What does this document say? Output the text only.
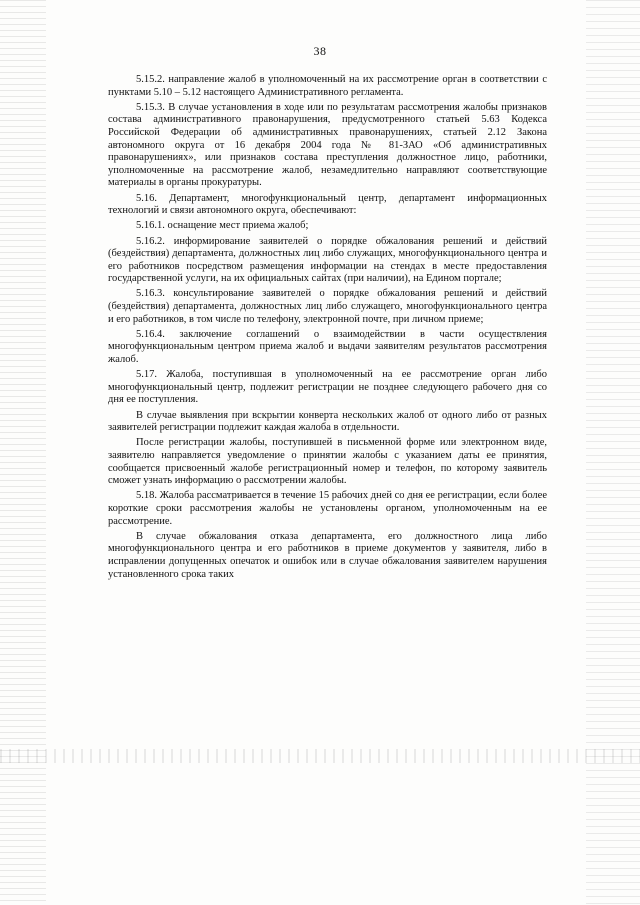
38

5.15.2. направление жалоб в уполномоченный на их рассмотрение орган в соответствии с пунктами 5.10 – 5.12 настоящего Административного регламента.

5.15.3. В случае установления в ходе или по результатам рассмотрения жалобы признаков состава административного правонарушения, предусмотренного статьей 5.63 Кодекса Российской Федерации об административных правонарушениях, статьей 2.12 Закона автономного округа от 16 декабря 2004 года № 81-ЗАО «Об административных правонарушениях», или признаков состава преступления должностное лицо, работники, уполномоченные на рассмотрение жалоб, незамедлительно направляют соответствующие материалы в органы прокуратуры.

5.16. Департамент, многофункциональный центр, департамент информационных технологий и связи автономного округа, обеспечивают:

5.16.1. оснащение мест приема жалоб;

5.16.2. информирование заявителей о порядке обжалования решений и действий (бездействия) департамента, должностных лиц либо служащих, многофункционального центра и его работников посредством размещения информации на стендах в месте предоставления государственной услуги, на их официальных сайтах (при наличии), на Едином портале;

5.16.3. консультирование заявителей о порядке обжалования решений и действий (бездействия) департамента, должностных лиц либо служащего, многофункционального центра и его работников, в том числе по телефону, электронной почте, при личном приеме;

5.16.4. заключение соглашений о взаимодействии в части осуществления многофункциональным центром приема жалоб и выдачи заявителям результатов рассмотрения жалоб.

5.17. Жалоба, поступившая в уполномоченный на ее рассмотрение орган либо многофункциональный центр, подлежит регистрации не позднее следующего рабочего дня со дня ее поступления.

В случае выявления при вскрытии конверта нескольких жалоб от одного либо от разных заявителей регистрации подлежит каждая жалоба в отдельности.

После регистрации жалобы, поступившей в письменной форме или электронном виде, заявителю направляется уведомление о принятии жалобы с указанием даты ее принятия, сообщается присвоенный жалобе регистрационный номер и телефон, по которому заявитель сможет узнать информацию о рассмотрении жалобы.

5.18. Жалоба рассматривается в течение 15 рабочих дней со дня ее регистрации, если более короткие сроки рассмотрения жалобы не установлены органом, уполномоченным на ее рассмотрение.

В случае обжалования отказа департамента, его должностного лица либо многофункционального центра и его работников в приеме документов у заявителя, либо в исправлении допущенных опечаток и ошибок или в случае обжалования заявителем нарушения установленного срока таких
